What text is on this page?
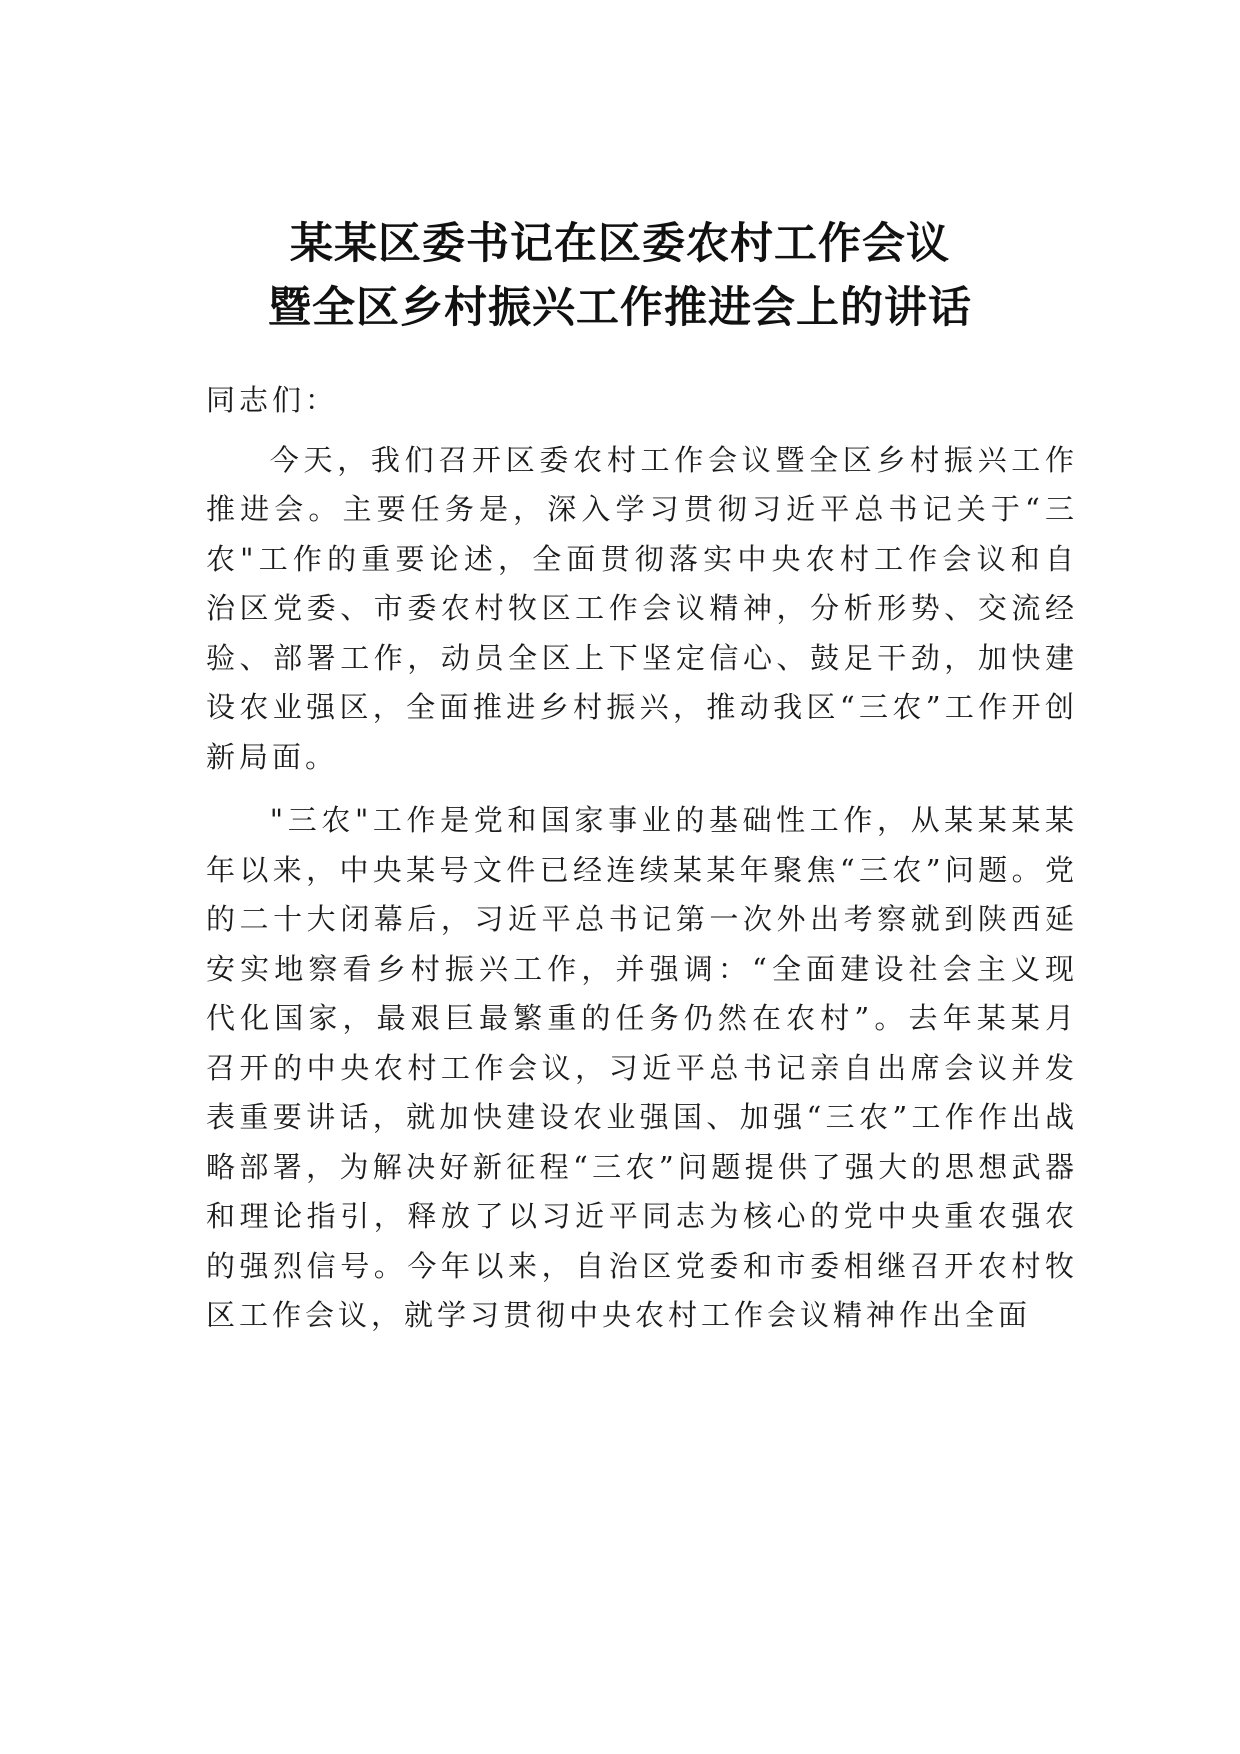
某某区委书记在区委农村工作会议
暨全区乡村振兴工作推进会上的讲话

同志们：

今天，我们召开区委农村工作会议暨全区乡村振兴工作推进会。主要任务是，深入学习贯彻习近平总书记关于“三农"工作的重要论述，全面贯彻落实中央农村工作会议和自治区党委、市委农村牧区工作会议精神，分析形势、交流经验、部署工作，动员全区上下坚定信心、鼓足干劲，加快建设农业强区，全面推进乡村振兴，推动我区“三农”工作开创新局面。

"三农"工作是党和国家事业的基础性工作，从某某某某年以来，中央某号文件已经连续某某年聚焦“三农”问题。党的二十大闭幕后，习近平总书记第一次外出考察就到陕西延安实地察看乡村振兴工作，并强调：“全面建设社会主义现代化国家，最艰巨最繁重的任务仍然在农村”。去年某某月召开的中央农村工作会议，习近平总书记亲自出席会议并发表重要讲话，就加快建设农业强国、加强“三农”工作作出战略部署，为解决好新征程“三农”问题提供了强大的思想武器和理论指引，释放了以习近平同志为核心的党中央重农强农的强烈信号。今年以来，自治区党委和市委相继召开农村牧区工作会议，就学习贯彻中央农村工作会议精神作出全面
